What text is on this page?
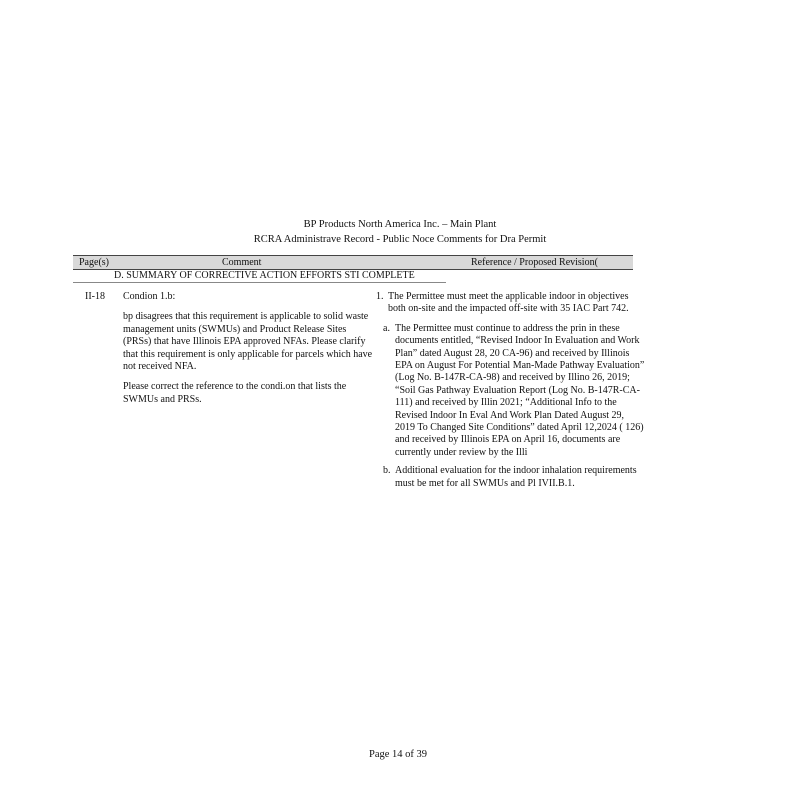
BP Products North America Inc. – Main Plant
RCRA Administrave Record - Public Noce Comments for Dra Permit
Page(s)	Comment	Reference / Proposed Revision(
D. SUMMARY OF CORRECTIVE ACTION EFFORTS STI COMPLETE
II-18 Condion 1.b:

bp disagrees that this requirement is applicable to solid waste management units (SWMUs) and Product Release Sites (PRSs) that have Illinois EPA approved NFAs. Please clarify that this requirement is only applicable for parcels which have not received NFA.

Please correct the reference to the condi.on that lists the SWMUs and PRSs.

1. The Permittee must meet the applicable indoor in objectives both on-site and the impacted off-site with 35 IAC Part 742.
a. The Permittee must continue to address the prin in these documents entitled, “Revised Indoor In Evaluation and Work Plan” dated August 28, 20 CA-96) and received by Illinois EPA on August For Potential Man-Made Pathway Evaluation” (Log No. B-147R-CA-98) and received by Illino 26, 2019; “Soil Gas Pathway Evaluation Report (Log No. B-147R-CA-111) and received by Illin 2021; “Additional Info to the Revised Indoor In Eval And Work Plan Dated August 29, 2019 To Changed Site Conditions” dated April 12,2024 ( 126) and received by Illinois EPA on April 16, documents are currently under review by the Illi
b. Additional evaluation for the indoor inhalation requirements must be met for all SWMUs and Pl IVII.B.1.
Page 14 of 39
